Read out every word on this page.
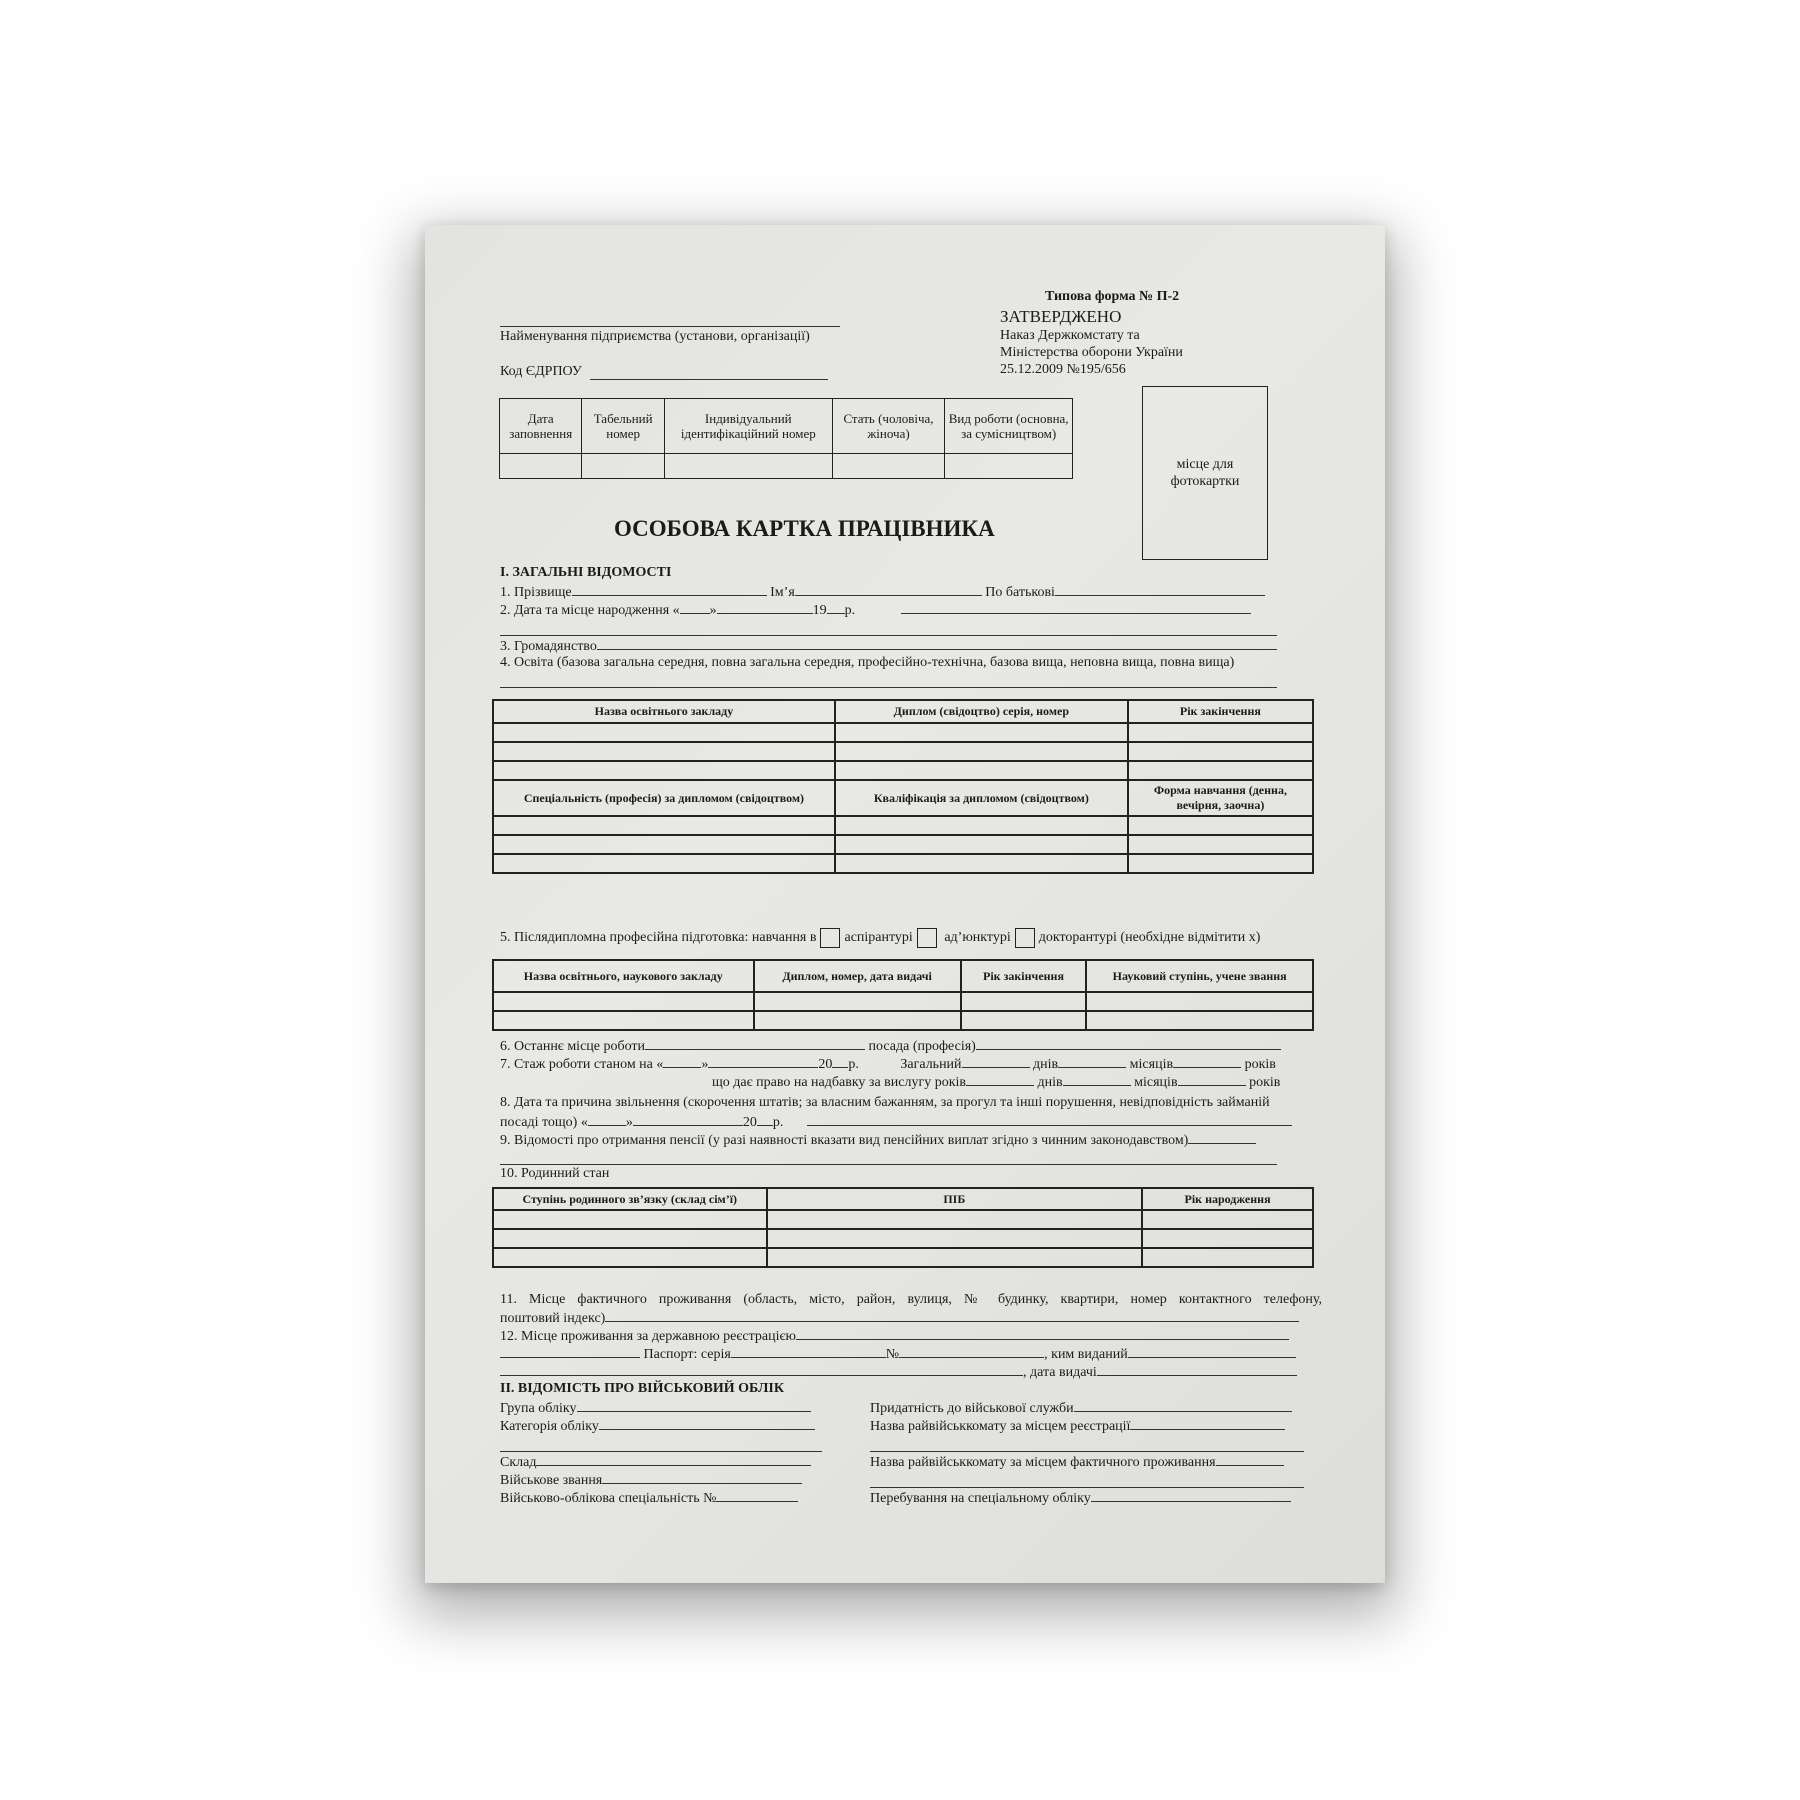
Типова форма № П-2
ЗАТВЕРДЖЕНО
Наказ Держкомстату та
Міністерства оборони України
25.12.2009 №195/656
Найменування підприємства (установи, організації)
Код ЄДРПОУ
Дата заповнення	Табельний номер	Індивідуальний ідентифікаційний номер	Стать (чоловіча, жіноча)	Вид роботи (основна, за сумісництвом)

місце для фотокартки
ОСОБОВА КАРТКА ПРАЦІВНИКА
І. ЗАГАЛЬНІ ВІДОМОСТІ
1. Прізвище	Ім’я	По батькові
2. Дата та місце народження « »	19 р.
3. Громадянство
4. Освіта (базова загальна середня, повна загальна середня, професійно-технічна, базова вища, неповна вища, повна вища)
Назва освітнього закладу	Диплом (свідоцтво) серія, номер	Рік закінчення

Спеціальність (професія) за дипломом (свідоцтвом)	Кваліфікація за дипломом (свідоцтвом)	Форма навчання (денна, вечірня, заочна)

5. Післядипломна професійна підготовка: навчання в аспірантурі ад’юнктурі докторантурі (необхідне відмітити х)
Назва освітнього, наукового закладу	Диплом, номер, дата видачі	Рік закінчення	Науковий ступінь, учене звання

6. Останнє місце роботи	посада (професія)
7. Стаж роботи станом на «	»	20 р.	Загальний	днів	місяців	років
що дає право на надбавку за вислугу років	днів	місяців	років
8. Дата та причина звільнення (скорочення штатів; за власним бажанням, за прогул та інші порушення, невідповідність займаній
посаді тощо) «	»	20 р.
9. Відомості про отримання пенсії (у разі наявності вказати вид пенсійних виплат згідно з чинним законодавством)
10. Родинний стан
Ступінь родинного зв’язку (склад сім’ї)	ПІБ	Рік народження

11. Місце фактичного проживання (область, місто, район, вулиця, № будинку, квартири, номер контактного телефону,
поштовий індекс)
12. Місце проживання за державною реєстрацією
Паспорт: серія	№	, ким виданий
, дата видачі
ІІ. ВІДОМІСТЬ ПРО ВІЙСЬКОВИЙ ОБЛІК
Група обліку
Категорія обліку
Склад
Військове звання
Військово-облікова спеціальність №
Придатність до військової служби
Назва райвійськкомату за місцем реєстрації
Назва райвійськкомату за місцем фактичного проживання
Перебування на спеціальному обліку
